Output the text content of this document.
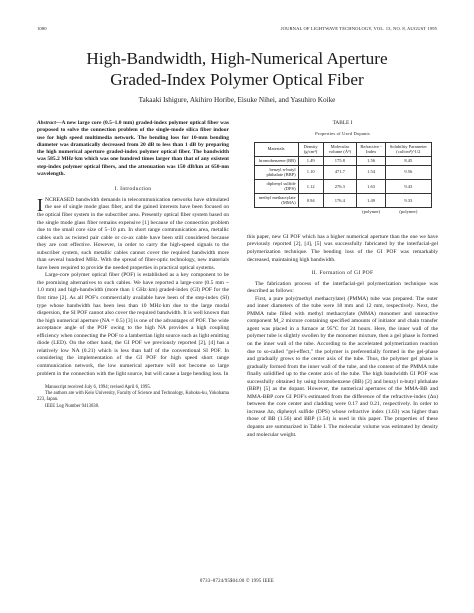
1080	JOURNAL OF LIGHTWAVE TECHNOLOGY, VOL. 13, NO. 8, AUGUST 1995
High-Bandwidth, High-Numerical Aperture
Graded-Index Polymer Optical Fiber
Takaaki Ishigure, Akihiro Horibe, Eisuke Nihei, and Yasuhiro Koike

Abstract—A new large core (0.5–1.0 mm) graded-index polymer optical fiber was proposed to solve the connection problem of the single-mode silica fiber indoor use for high speed multimedia network. The bending loss for 10-mm bending diameter was dramatically decreased from 20 dB to less than 1 dB by preparing the high numerical aperture graded-index polymer optical fiber. The bandwidth was 585.2 MHz·km which was one hundred times larger than that of any existent step-index polymer optical fibers, and the attenuation was 150 dB/km at 650-nm wavelength.

I. Introduction

INCREASED bandwidth demands in telecommunication networks have stimulated the use of single mode glass fiber, and the gained interests have been focused on the optical fiber system in the subscriber area. Presently optical fiber system based on the single mode glass fiber remains expensive [1] because of the connection problem due to the small core size of 5–10 μm. In short range communication area, metallic cables such as twisted pair cable or co-ax cable have been still considered because they are cost effective. However, in order to carry the high-speed signals to the subscriber system, such metallic cables cannot cover the required bandwidth more than several hundred MHz. With the spread of fiber-optic technology, new materials have been required to provide the needed properties in practical optical systems.

Large-core polymer optical fiber (POF) is established as a key component to be the promising alternatives to such cables. We have reported a large-core (0.5 mm ~ 1.0 mm) and high-bandwidth (more than 1 GHz·km) graded-index (GI) POF for the first time [2]. As all POF's commercially available have been of the step-index (SI) type whose bandwidth has been less than 10 MHz·km due to the large modal dispersion, the SI POF cannot also cover the required bandwidth. It is well known that the high numerical aperture (NA = 0.5) [3] is one of the advantages of POF. The wide acceptance angle of the POF owing to the high NA provides a high coupling efficiency when connecting the POF to a lambertian light source such as light emitting diode (LED). On the other hand, the GI POF we previously reported [2], [4] has a relatively low NA (0.21) which is less than half of the conventional SI POF. In considering the implementation of the GI POF for high speed short range communication network, the low numerical aperture will not become so large problem in the connection with the light source, but will cause a large bending loss. In

Manuscript received July 6, 1994; revised April 6, 1995.

The authors are with Keio University, Faculty of Science and Technology, Kohoku-ku, Yokohama 223, Japan.

IEEE Log Number 9413038.

TABLE I
Properties of Used Dopants
Materials	Density (g/cm³)	Molecular volume (Å³)	Refractive -Index	Solubility Parameter (cal/cm³)^1/2
bromobenzene (BB)	1.49	175.8	1.56	8.45
benzyl n-butyl phthalate (BBP)	1.10	471.7	1.54	9.56
diphenyl sulfide (DPS)	1.12	276.3	1.63	9.43
methyl methacrylate (MMA)	0.94	176.4	1.49	9.33
			(polymer)	(polymer)

this paper, new GI POF which has a higher numerical aperture than the one we have previously reported [2], [4], [5] was successfully fabricated by the interfacial-gel polymerization technique. The bending loss of the GI POF was remarkably decreased, maintaining high bandwidth.

II. Formation of GI POF

The fabrication process of the interfacial-gel polymerization technique was described as follows:

First, a pure poly(methyl methacrylate) (PMMA) tube was prepared. The outer and inner diameters of the tube were 18 mm and 12 mm, respectively. Next, the PMMA tube filled with methyl methacrylate (MMA) monomer and unreactive component M_2 mixture containing specified amounts of initiator and chain transfer agent was placed in a furnace at 95°C for 24 hours. Here, the inner wall of the polymer tube is slightly swollen by the monomer mixture, then a gel phase is formed on the inner wall of the tube. According to the accelerated polymerization reaction due to so-called "gel-effect," the polymer is preferentially formed in the gel-phase and gradually grows to the center axis of the tube. Thus, the polymer gel phase is gradually formed from the inner wall of the tube, and the content of the PMMA tube finally solidified up to the center axis of the tube. The high bandwidth GI POF was successfully obtained by using bromobenzene (BB) [2] and benzyl n-butyl phthalate (BBP) [5] as the dopant. However, the numerical apertures of the MMA-BB and MMA-BBP core GI POF's estimated from the difference of the refractive-index (Δn) between the core center and cladding were 0.17 and 0.21, respectively. In order to increase Δn, diphenyl sulfide (DPS) whose refractive index (1.63) was higher than those of BB (1.56) and BBP (1.54) is used in this paper. The properties of these dopants are summarized in Table I. The molecular volume was estimated by density and molecular weight.

0733–8724/95$04.00 © 1995 IEEE
